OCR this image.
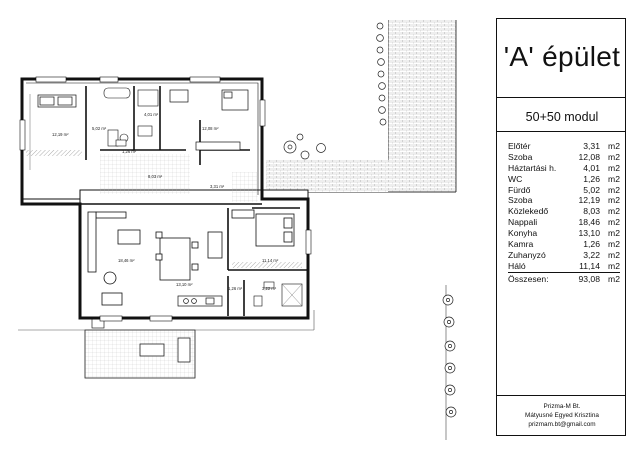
12,19 m²
5,02 m²
4,01 m²
1,26 m²
12,08 m²
8,03 m²
3,31 m²
18,46 m²
13,10 m²
1,26 m²	3,22 m²
11,14 m²
'A' épület
50+50 modul
Előtér	3,31 m2
Szoba	12,08 m2
Háztartási h.	4,01 m2
WC	1,26 m2
Fürdő	5,02 m2
Szoba	12,19 m2
Közlekedő	8,03 m2
Nappali	18,46 m2
Konyha	13,10 m2
Kamra	1,26 m2
Zuhanyzó	3,22 m2
Háló	11,14 m2
Összesen:	93,08 m2
Prizma-M Bt.
Mátyusné Egyed Krisztina
prizmam.bt@gmail.com
